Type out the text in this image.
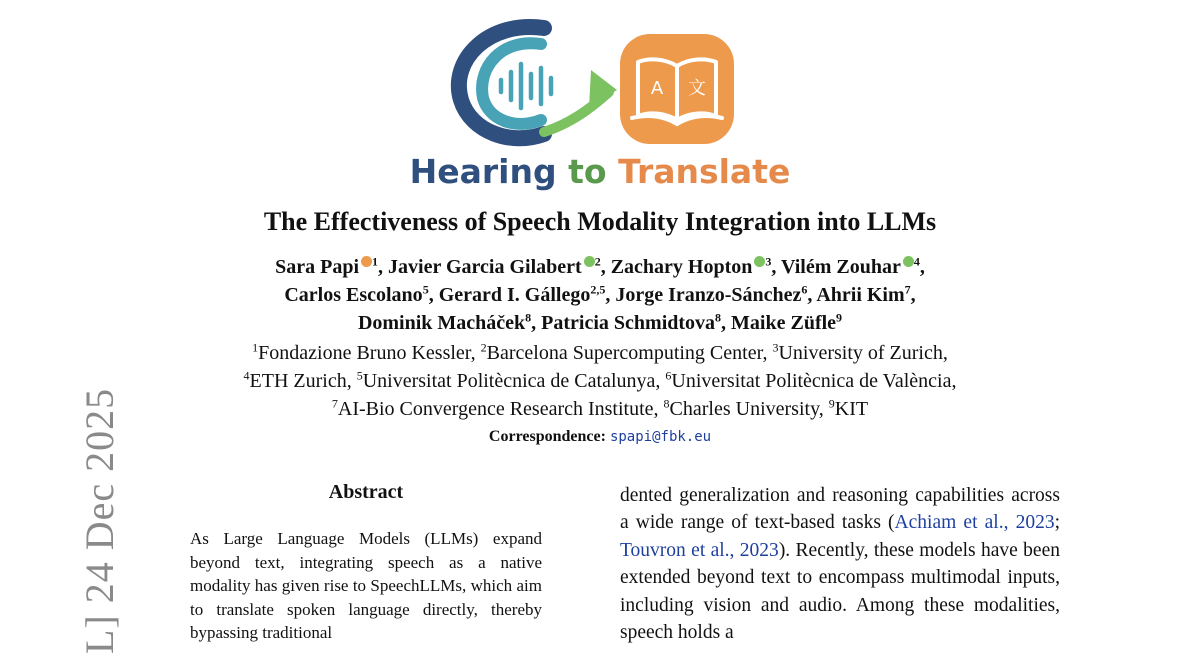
L] 24 Dec 2025
A 文
Hearing to Translate
The Effectiveness of Speech Modality Integration into LLMs
Sara Papi $^1$, Javier Garcia Gilabert $^2$, Zachary Hopton $^3$, Vilém Zouhar $^4$,
Carlos Escolano$^5$, Gerard I. Gállego$^{2,5}$, Jorge Iranzo-Sánchez$^6$, Ahrii Kim$^7$,
Dominik Macháček$^8$, Patricia Schmidtova$^8$, Maike Züfle$^9$
$^1$Fondazione Bruno Kessler, $^2$Barcelona Supercomputing Center, $^3$University of Zurich,
$^4$ETH Zurich, $^5$Universitat Politècnica de Catalunya, $^6$Universitat Politècnica de València,
$^7$AI-Bio Convergence Research Institute, $^8$Charles University, $^9$KIT
Correspondence: spapi@fbk.eu
Abstract
As Large Language Models (LLMs) expand beyond text, integrating speech as a native modality has given rise to SpeechLLMs, which aim to translate spoken language directly, thereby bypassing traditional
dented generalization and reasoning capabilities across a wide range of text-based tasks (Achiam et al., 2023; Touvron et al., 2023). Recently, these models have been extended beyond text to encompass multimodal inputs, including vision and audio. Among these modalities, speech holds a
